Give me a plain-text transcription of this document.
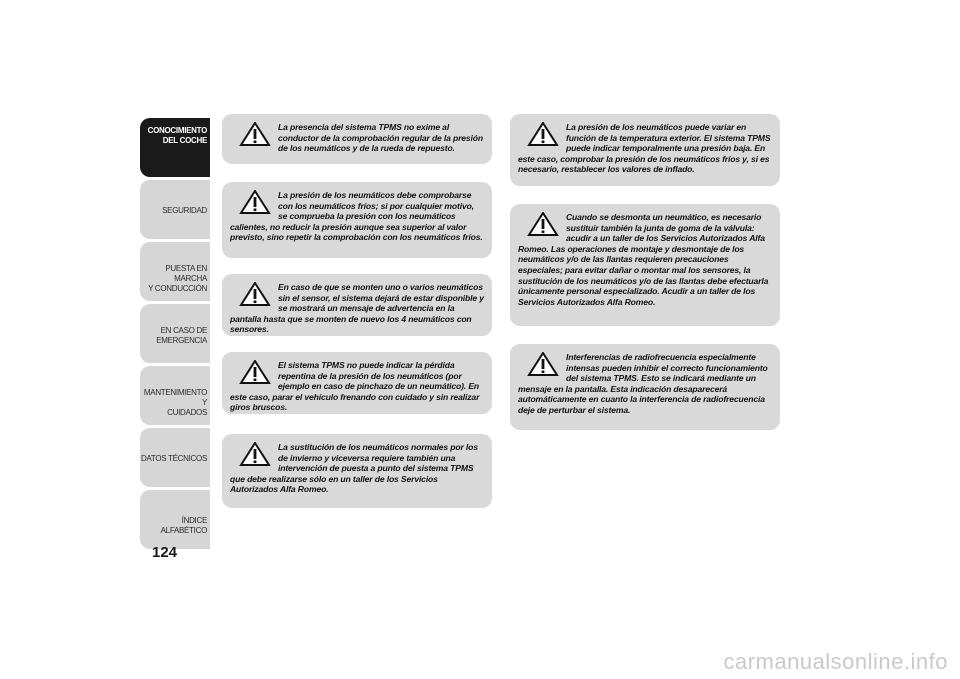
CONOCIMIENTO
DEL COCHE
SEGURIDAD
PUESTA EN MARCHA
Y CONDUCCIÓN
EN CASO DE
EMERGENCIA
MANTENIMIENTO Y
CUIDADOS
DATOS TÉCNICOS
ÍNDICE ALFABÉTICO
124

La presencia del sistema TPMS no exime al conductor de la comprobación regular de la presión de los neumáticos y de la rueda de repuesto.

La presión de los neumáticos debe comprobarse con los neumáticos fríos; si por cualquier motivo, se comprueba la presión con los neumáticos calientes, no reducir la presión aunque sea superior al valor previsto, sino repetir la comprobación con los neumáticos fríos.

En caso de que se monten uno o varios neumáticos sin el sensor, el sistema dejará de estar disponible y se mostrará un mensaje de advertencia en la pantalla hasta que se monten de nuevo los 4 neumáticos con sensores.

El sistema TPMS no puede indicar la pérdida repentina de la presión de los neumáticos (por ejemplo en caso de pinchazo de un neumático). En este caso, parar el vehículo frenando con cuidado y sin realizar giros bruscos.

La sustitución de los neumáticos normales por los de invierno y viceversa requiere también una intervención de puesta a punto del sistema TPMS que debe realizarse sólo en un taller de los Servicios Autorizados Alfa Romeo.

La presión de los neumáticos puede variar en función de la temperatura exterior. El sistema TPMS puede indicar temporalmente una presión baja. En este caso, comprobar la presión de los neumáticos fríos y, si es necesario, restablecer los valores de inflado.

Cuando se desmonta un neumático, es necesario sustituir también la junta de goma de la válvula: acudir a un taller de los Servicios Autorizados Alfa Romeo. Las operaciones de montaje y desmontaje de los neumáticos y/o de las llantas requieren precauciones especiales; para evitar dañar o montar mal los sensores, la sustitución de los neumáticos y/o de las llantas debe efectuarla únicamente personal especializado. Acudir a un taller de los Servicios Autorizados Alfa Romeo.

Interferencias de radiofrecuencia especialmente intensas pueden inhibir el correcto funcionamiento del sistema TPMS. Esto se indicará mediante un mensaje en la pantalla. Esta indicación desaparecerá automáticamente en cuanto la interferencia de radiofrecuencia deje de perturbar el sistema.

carmanualsonline.info
